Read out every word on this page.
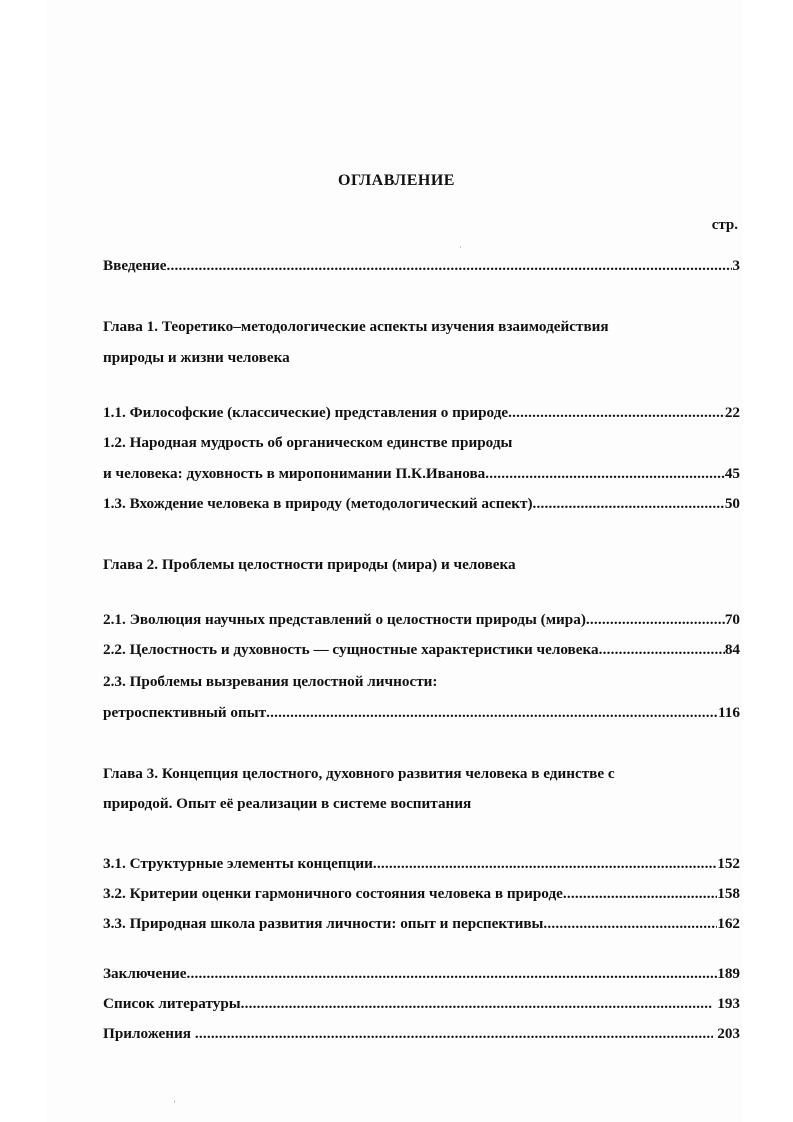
ОГЛАВЛЕНИЕ
стр.
Введение .....	3
Глава 1. Теоретико–методологические аспекты изучения взаимодействия
природы и жизни человека
1.1. Философские (классические) представления о природе .....	22
1.2. Народная мудрость об органическом единстве природы
и человека: духовность в миропонимании П.К.Иванова .....	45
1.3. Вхождение человека в природу (методологический аспект) .....	50
Глава 2. Проблемы целостности природы (мира) и человека
2.1. Эволюция научных представлений о целостности природы (мира) .....	70
2.2. Целостность и духовность — сущностные характеристики человека .....	84
2.3. Проблемы вызревания целостной личности:
ретроспективный опыт .....	116
Глава 3. Концепция целостного, духовного развития человека в единстве с
природой. Опыт её реализации в системе воспитания
3.1. Структурные элементы концепции .....	152
3.2. Критерии оценки гармоничного состояния человека в природе .....	158
3.3. Природная школа развития личности: опыт и перспективы .....	162
Заключение .....	189
Список литературы .....	193
Приложения .....	203
